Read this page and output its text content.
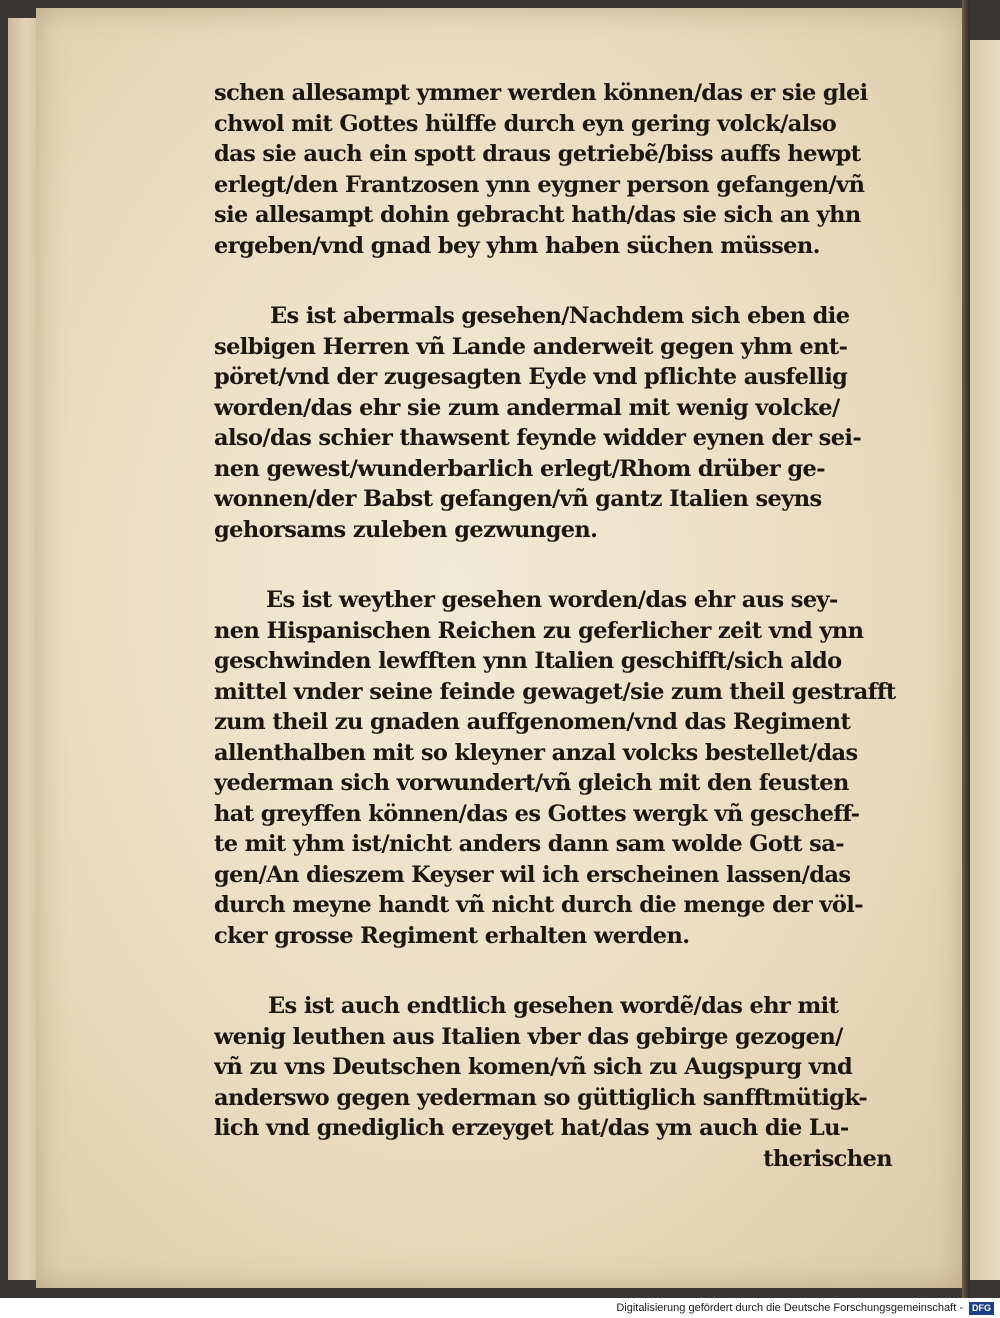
schen allesampt ymmer werden können/das er sie glei
chwol mit Gottes hülffe durch eyn gering volck/also
das sie auch ein spott draus getriebẽ/biss auffs hewpt
erlegt/den Frantzosen ynn eygner person gefangen/vñ
sie allesampt dohin gebracht hath/das sie sich an yhn
ergeben/vnd gnad bey yhm haben süchen müssen.
Es ist abermals gesehen/Nachdem sich eben die
selbigen Herren vñ Lande anderweit gegen yhm ent-
pöret/vnd der zugesagten Eyde vnd pflichte ausfellig
worden/das ehr sie zum andermal mit wenig volcke/
also/das schier thawsent feynde widder eynen der sei-
nen gewest/wunderbarlich erlegt/Rhom drüber ge-
wonnen/der Babst gefangen/vñ gantz Italien seyns
gehorsams zuleben gezwungen.
Es ist weyther gesehen worden/das ehr aus sey-
nen Hispanischen Reichen zu geferlicher zeit vnd ynn
geschwinden lewfften ynn Italien geschifft/sich aldo
mittel vnder seine feinde gewaget/sie zum theil gestrafft
zum theil zu gnaden auffgenomen/vnd das Regiment
allenthalben mit so kleyner anzal volcks bestellet/das
yederman sich vorwundert/vñ gleich mit den feusten
hat greyffen können/das es Gottes wergk vñ gescheff-
te mit yhm ist/nicht anders dann sam wolde Gott sa-
gen/An dieszem Keyser wil ich erscheinen lassen/das
durch meyne handt vñ nicht durch die menge der völ-
cker grosse Regiment erhalten werden.
Es ist auch endtlich gesehen wordẽ/das ehr mit
wenig leuthen aus Italien vber das gebirge gezogen/
vñ zu vns Deutschen komen/vñ sich zu Augspurg vnd
anderswo gegen yederman so güttiglich sanfftmütigk-
lich vnd gnediglich erzeyget hat/das ym auch die Lu-
therischen
Digitalisierung gefördert durch die Deutsche Forschungsgemeinschaft - DFG
